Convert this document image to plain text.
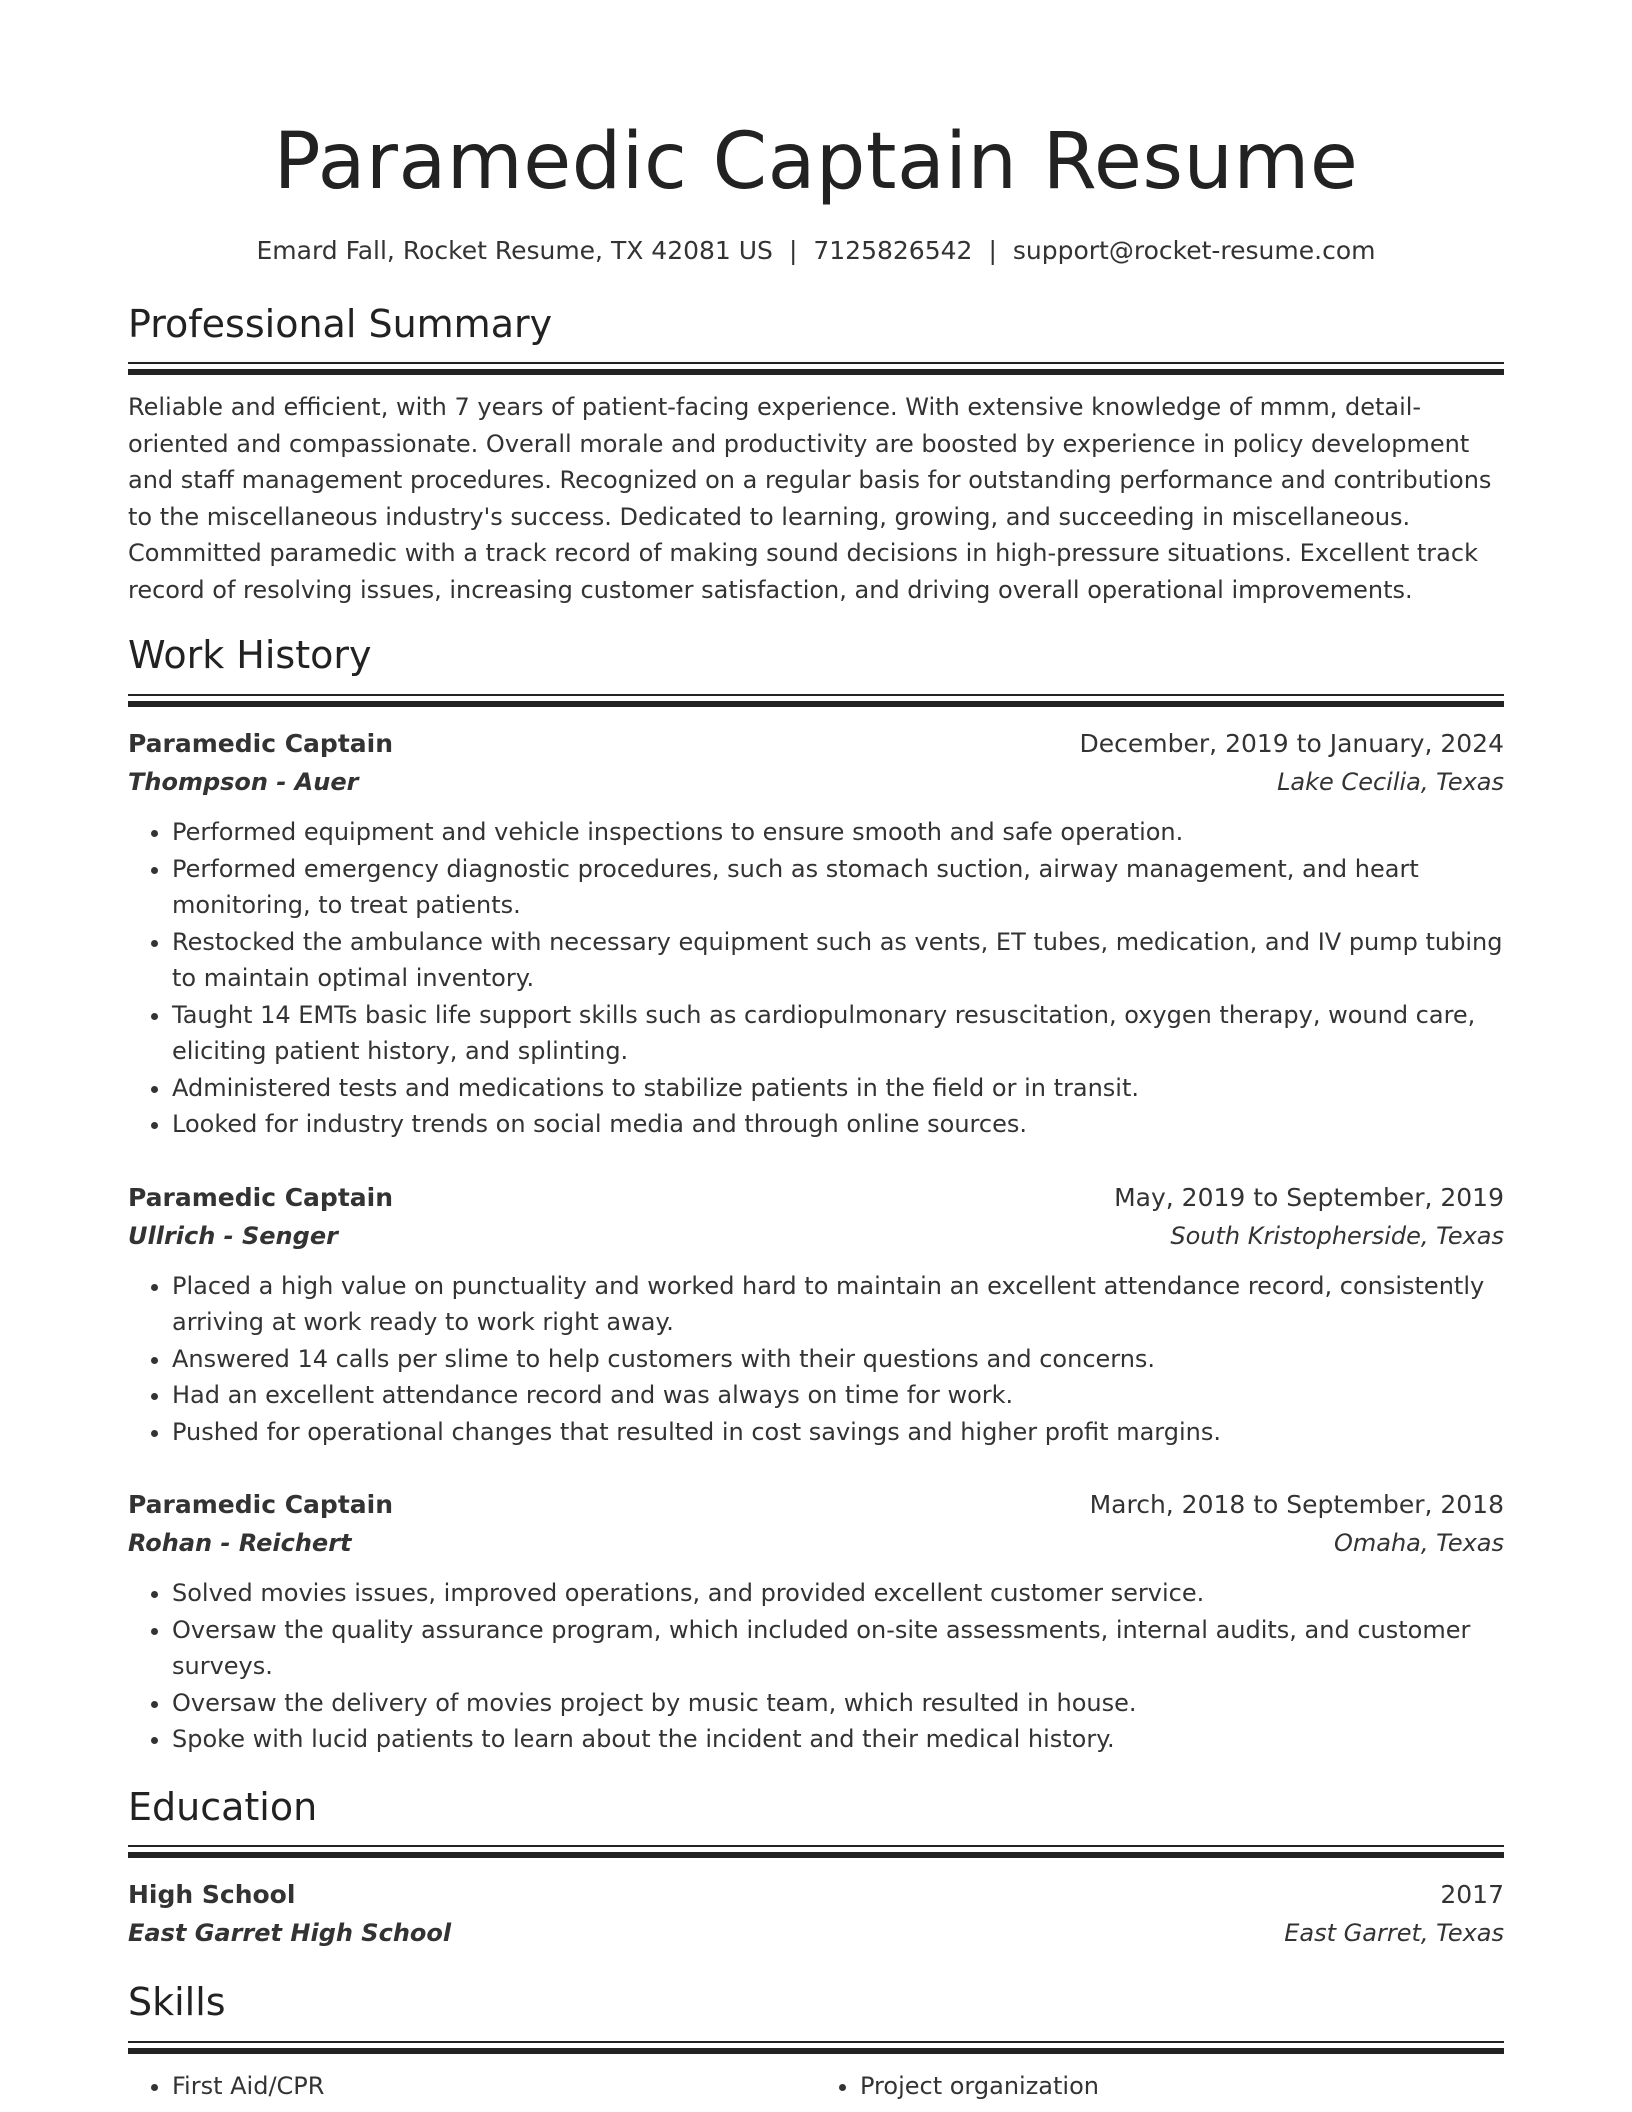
Paramedic Captain Resume
Emard Fall, Rocket Resume, TX 42081 US | 7125826542 | support@rocket-resume.com
Professional Summary

Reliable and efficient, with 7 years of patient-facing experience. With extensive knowledge of mmm, detail-oriented and compassionate. Overall morale and productivity are boosted by experience in policy development and staff management procedures. Recognized on a regular basis for outstanding performance and contributions to the miscellaneous industry's success. Dedicated to learning, growing, and succeeding in miscellaneous. Committed paramedic with a track record of making sound decisions in high-pressure situations. Excellent track record of resolving issues, increasing customer satisfaction, and driving overall operational improvements.

Work History
Paramedic Captain	December, 2019 to January, 2024
Thompson - Auer	Lake Cecilia, Texas
• Performed equipment and vehicle inspections to ensure smooth and safe operation.
• Performed emergency diagnostic procedures, such as stomach suction, airway management, and heart monitoring, to treat patients.
• Restocked the ambulance with necessary equipment such as vents, ET tubes, medication, and IV pump tubing to maintain optimal inventory.
• Taught 14 EMTs basic life support skills such as cardiopulmonary resuscitation, oxygen therapy, wound care, eliciting patient history, and splinting.
• Administered tests and medications to stabilize patients in the field or in transit.
• Looked for industry trends on social media and through online sources.
Paramedic Captain	May, 2019 to September, 2019
Ullrich - Senger	South Kristopherside, Texas
• Placed a high value on punctuality and worked hard to maintain an excellent attendance record, consistently arriving at work ready to work right away.
• Answered 14 calls per slime to help customers with their questions and concerns.
• Had an excellent attendance record and was always on time for work.
• Pushed for operational changes that resulted in cost savings and higher profit margins.
Paramedic Captain	March, 2018 to September, 2018
Rohan - Reichert	Omaha, Texas
• Solved movies issues, improved operations, and provided excellent customer service.
• Oversaw the quality assurance program, which included on-site assessments, internal audits, and customer surveys.
• Oversaw the delivery of movies project by music team, which resulted in house.
• Spoke with lucid patients to learn about the incident and their medical history.
Education
High School	2017
East Garret High School	East Garret, Texas
Skills
• First Aid/CPR
•	Project organization
